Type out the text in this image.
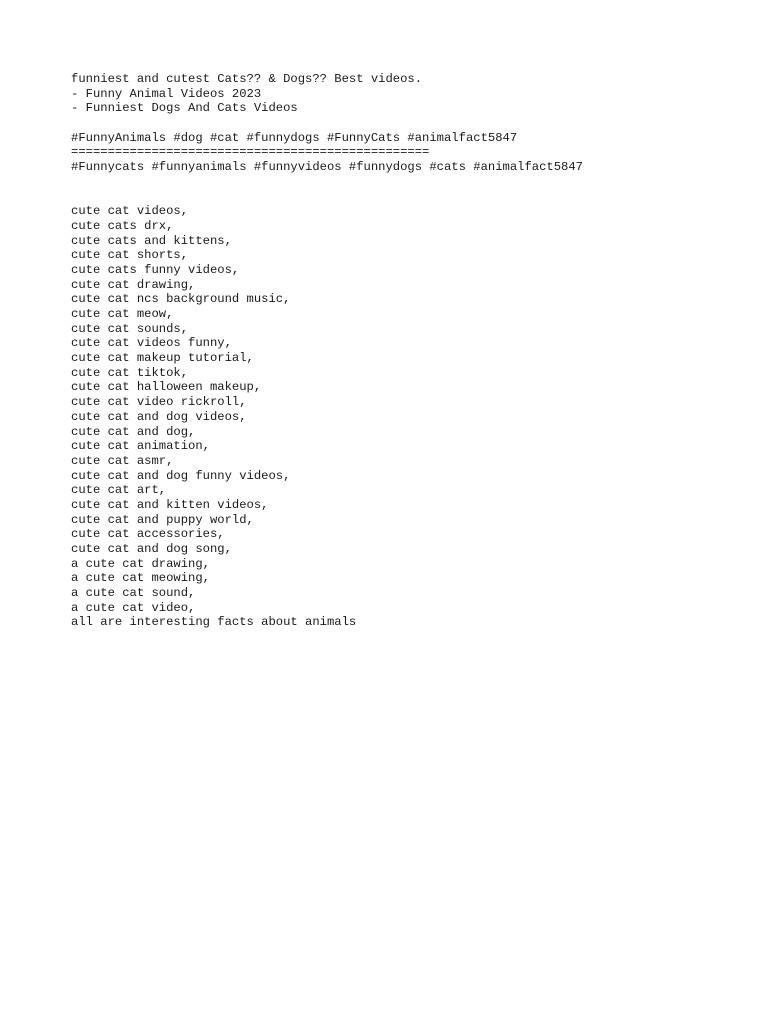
funniest and cutest Cats?? & Dogs?? Best videos.
- Funny Animal Videos 2023
- Funniest Dogs And Cats Videos
#FunnyAnimals #dog #cat #funnydogs #FunnyCats #animalfact5847
=================================================
#Funnycats #funnyanimals #funnyvideos #funnydogs #cats #animalfact5847
cute cat videos,
cute cats drx,
cute cats and kittens,
cute cat shorts,
cute cats funny videos,
cute cat drawing,
cute cat ncs background music,
cute cat meow,
cute cat sounds,
cute cat videos funny,
cute cat makeup tutorial,
cute cat tiktok,
cute cat halloween makeup,
cute cat video rickroll,
cute cat and dog videos,
cute cat and dog,
cute cat animation,
cute cat asmr,
cute cat and dog funny videos,
cute cat art,
cute cat and kitten videos,
cute cat and puppy world,
cute cat accessories,
cute cat and dog song,
a cute cat drawing,
a cute cat meowing,
a cute cat sound,
a cute cat video,
all are interesting facts about animals
